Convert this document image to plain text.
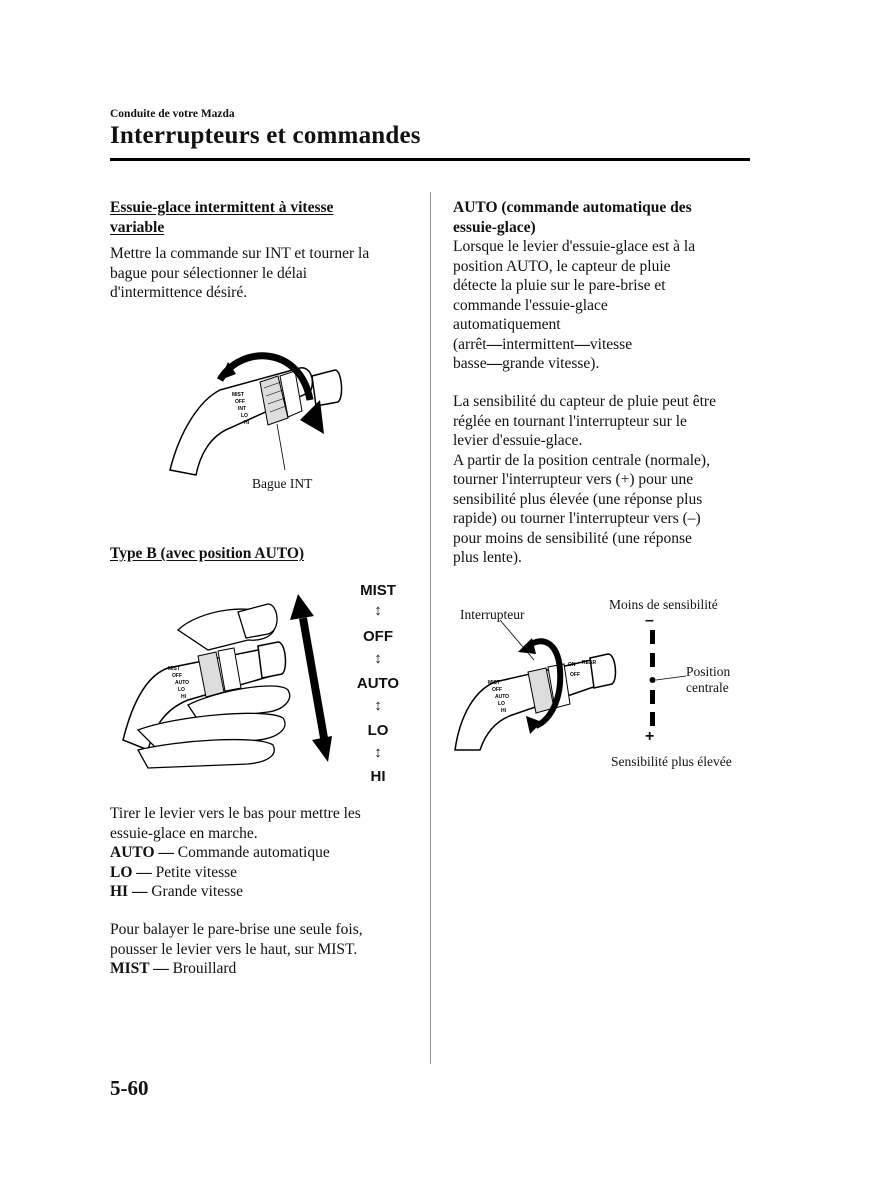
Conduite de votre Mazda
Interrupteurs et commandes

Essuie-glace intermittent à vitesse

variable

Mettre la commande sur INT et tourner la

bague pour sélectionner le délai

d'intermittence désiré.

MIST
OFF
INT
LO
HI
Bague INT
Type B (avec position AUTO)
MIST
OFF
AUTO
LO
HI
MIST
↕
OFF
↕
AUTO
↕
LO
↕
HI

Tirer le levier vers le bas pour mettre les

essuie-glace en marche.

AUTO — Commande automatique

LO — Petite vitesse

HI — Grande vitesse

Pour balayer le pare-brise une seule fois,

pousser le levier vers le haut, sur MIST.

MIST — Brouillard

AUTO (commande automatique des

essuie-glace)

Lorsque le levier d'essuie-glace est à la

position AUTO, le capteur de pluie

détecte la pluie sur le pare-brise et

commande l'essuie-glace

automatiquement

(arrêt—intermittent—vitesse

basse—grande vitesse).

La sensibilité du capteur de pluie peut être

réglée en tournant l'interrupteur sur le

levier d'essuie-glace.

A partir de la position centrale (normale),

tourner l'interrupteur vers (+) pour une

sensibilité plus élevée (une réponse plus

rapide) ou tourner l'interrupteur vers (–)

pour moins de sensibilité (une réponse

plus lente).

Moins de sensibilité
Interrupteur

Position

centrale

Sensibilité plus élevée
MIST
OFF
AUTO
LO
HI
ON
OFF
REAR
–
+
5-60
